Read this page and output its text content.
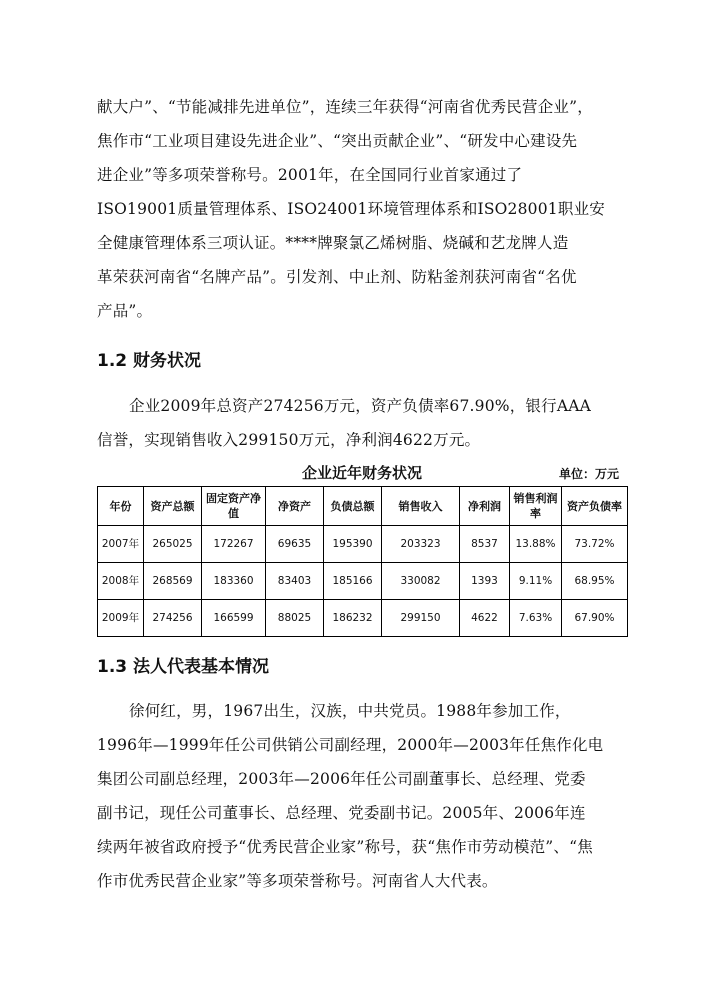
献大户”、“节能减排先进单位”，连续三年获得“河南省优秀民营企业”，

焦作市“工业项目建设先进企业”、“突出贡献企业”、“研发中心建设先

进企业”等多项荣誉称号。2001年，在全国同行业首家通过了

ISO19001质量管理体系、ISO24001环境管理体系和ISO28001职业安

全健康管理体系三项认证。****牌聚氯乙烯树脂、烧碱和艺龙牌人造

革荣获河南省“名牌产品”。引发剂、中止剂、防粘釜剂获河南省“名优

产品”。

1.2 财务状况

企业2009年总资产274256万元，资产负债率67.90%，银行AAA

信誉，实现销售收入299150万元，净利润4622万元。

企业近年财务状况	单位：万元
年份	资产总额	固定资产净值	净资产	负债总额	销售收入	净利润	销售利润率	资产负债率
2007年	265025	172267	69635	195390	203323	8537	13.88%	73.72%
2008年	268569	183360	83403	185166	330082	1393	9.11%	68.95%
2009年	274256	166599	88025	186232	299150	4622	7.63%	67.90%
1.3 法人代表基本情况

徐何红，男，1967出生，汉族，中共党员。1988年参加工作，

1996年—1999年任公司供销公司副经理，2000年—2003年任焦作化电

集团公司副总经理，2003年—2006年任公司副董事长、总经理、党委

副书记，现任公司董事长、总经理、党委副书记。2005年、2006年连

续两年被省政府授予“优秀民营企业家”称号，获“焦作市劳动模范”、“焦

作市优秀民营企业家”等多项荣誉称号。河南省人大代表。
